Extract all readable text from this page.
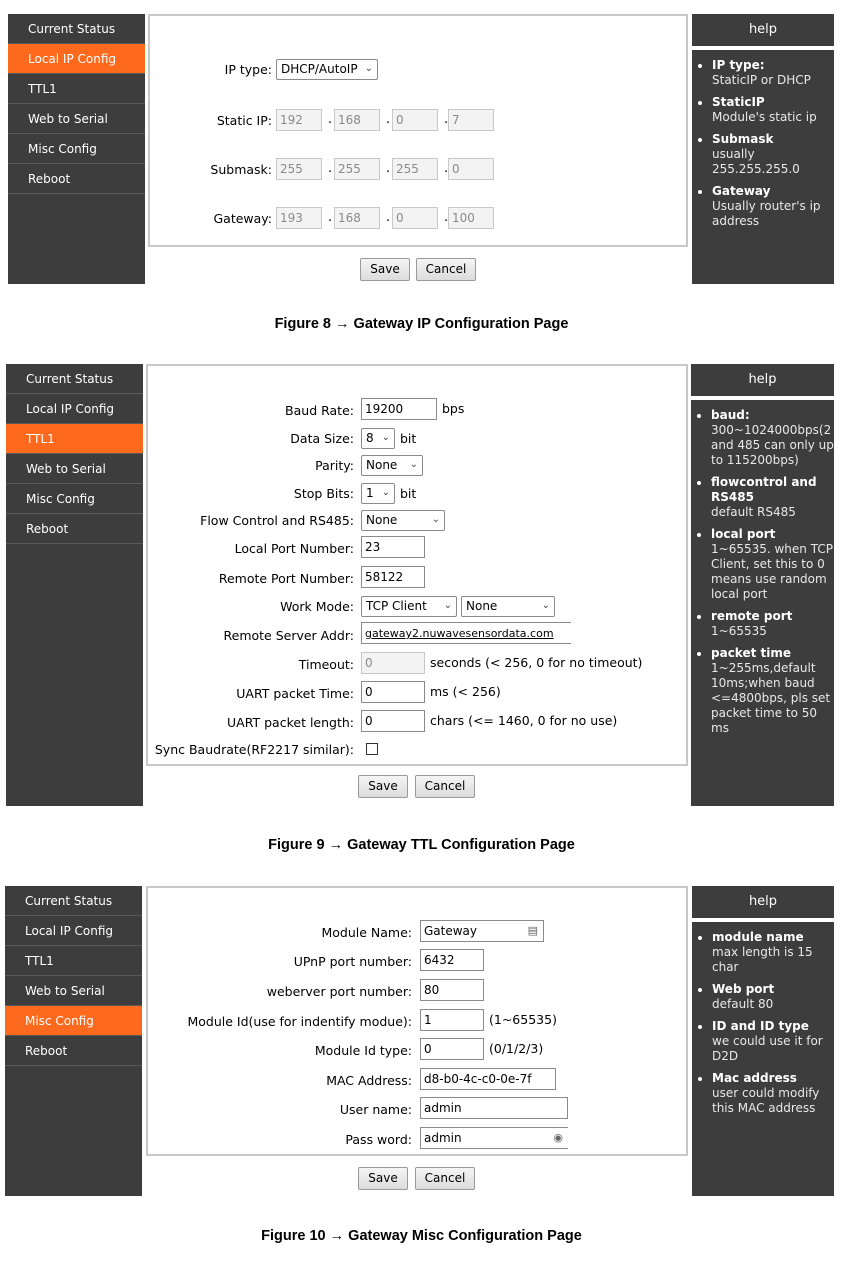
Current Status
Local IP Config
TTL1
Web to Serial
Misc Config
Reboot
IP type: DHCP/AutoIP ⌄
Static IP: 192	. 168	. 0	. 7
Submask: 255	. 255	. 255	. 0
Gateway: 193	. 168	. 0	. 100
Save	Cancel
help
• IP type:
StaticIP or DHCP
• StaticIP
Module's static ip
• Submask
usually 255.255.255.0
• Gateway
Usually router's ip address
Figure 8 → Gateway IP Configuration Page
Current Status
Local IP Config
TTL1
Web to Serial
Misc Config
Reboot
Baud Rate: 19200	bps
Data Size:	8 ⌄ bit
Parity:	None ⌄
Stop Bits:	1 ⌄ bit
Flow Control and RS485:	None	⌄
Local Port Number: 23
Remote Port Number: 58122
Work Mode:	TCP Client ⌄	None	⌄
Remote Server Addr:	gateway2.nuwavesensordata.com
Timeout: 0	seconds (< 256, 0 for no timeout)
UART packet Time: 0	ms (< 256)
UART packet length: 0	chars (<= 1460, 0 for no use)
Sync Baudrate(RF2217 similar):
Save	Cancel
help
• baud:
300~1024000bps(2 and 485 can only up to 115200bps)
• flowcontrol and RS485
default RS485
• local port
1~65535. when TCP Client, set this to 0 means use random local port
• remote port
1~65535
• packet time
1~255ms,default 10ms;when baud <=4800bps, pls set packet time to 50 ms
Figure 9 → Gateway TTL Configuration Page
Current Status
Local IP Config
TTL1
Web to Serial
Misc Config
Reboot
Module Name:	Gateway	▤
UPnP port number:	6432
weberver port number:	80
Module Id(use for indentify modue):	1	(1~65535)
Module Id type:	0	(0/1/2/3)
MAC Address:	d8-b0-4c-c0-0e-7f
User name:	admin
Pass word:	admin	◉
Save	Cancel
help
• module name
max length is 15 char
• Web port
default 80
• ID and ID type
we could use it for D2D
• Mac address
user could modify this MAC address
Figure 10 → Gateway Misc Configuration Page
